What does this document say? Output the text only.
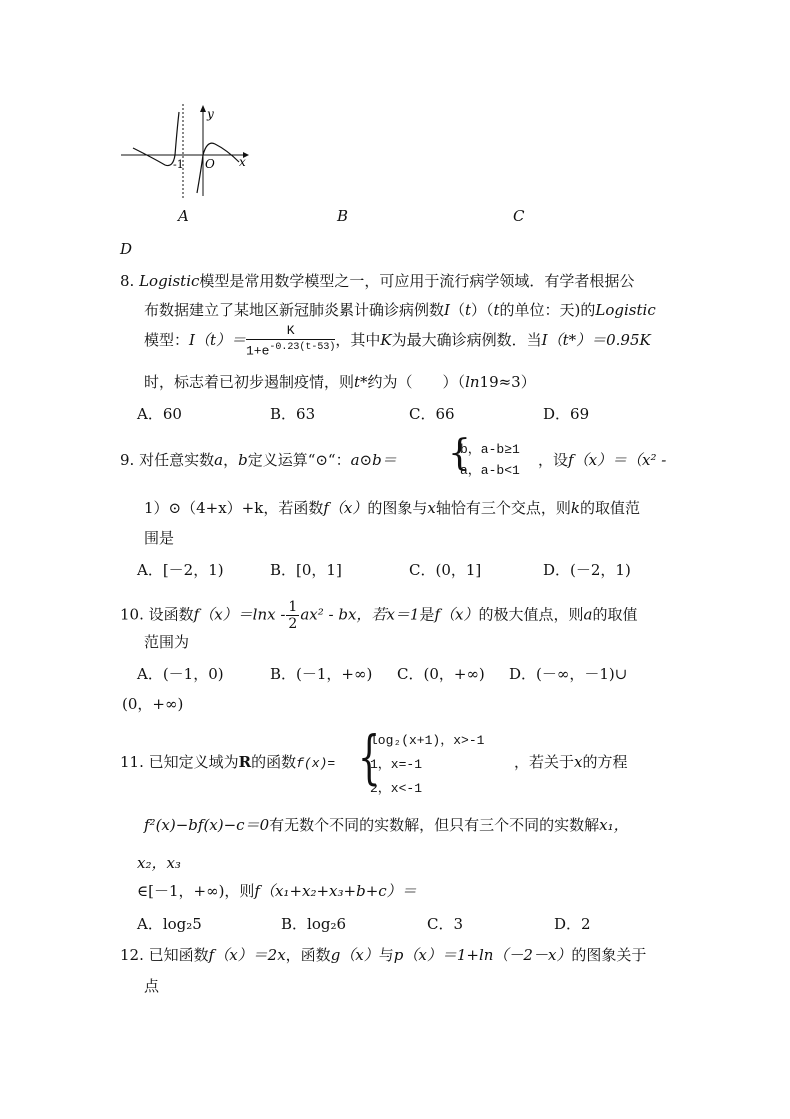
y
x
O
-1
A	B	C
D
8. Logistic模型是常用数学模型之一，可应用于流行病学领域．有学者根据公
布数据建立了某地区新冠肺炎累计确诊病例数I（t）（t的单位：天)的Logistic
模型：$I(t)= \frac{K}{1+e^{-0.23(t-53)}}$ ，其中K为最大确诊病例数．当I（t*）＝0.95K
时，标志着已初步遏制疫情，则t*约为（　　）（ln19≈3）
A．60	B．63	C．66	D．69
9. 对任意实数a，b定义运算“⊙“：a⊙b＝ {
b，a-b≥1
a，a-b<1
，设f（x）＝（x² -
1）⊙（4+x）+k，若函数f（x）的图象与x轴恰有三个交点，则k的取值范
围是
A．[－2，1)	B．[0，1]	C．(0，1]	D．(－2，1)
10. 设函数$f(x)=\ln x - \frac{1}{2} ax^2$ - bx，若x＝1是f（x）的极大值点，则a的取值
范围为
A．(－1，0)	B．(－1，+∞) C．(0，+∞) D．(－∞，－1)∪
(0，+∞)
11. 已知定义域为R的函数f(x)= {
log₂(x+1)，x>-1
1，x=-1
2，x<-1
，若关于x的方程
f²(x)−bf(x)−c＝0有无数个不同的实数解，但只有三个不同的实数解x₁，
x₂，x₃
∈[－1，+∞)，则f（x₁+x₂+x₃+b+c）＝
A．log₂5	B．log₂6	C．3	D．2
12. 已知函数f（x）＝2x，函数g（x）与p（x）＝1+ln（－2－x）的图象关于
点
